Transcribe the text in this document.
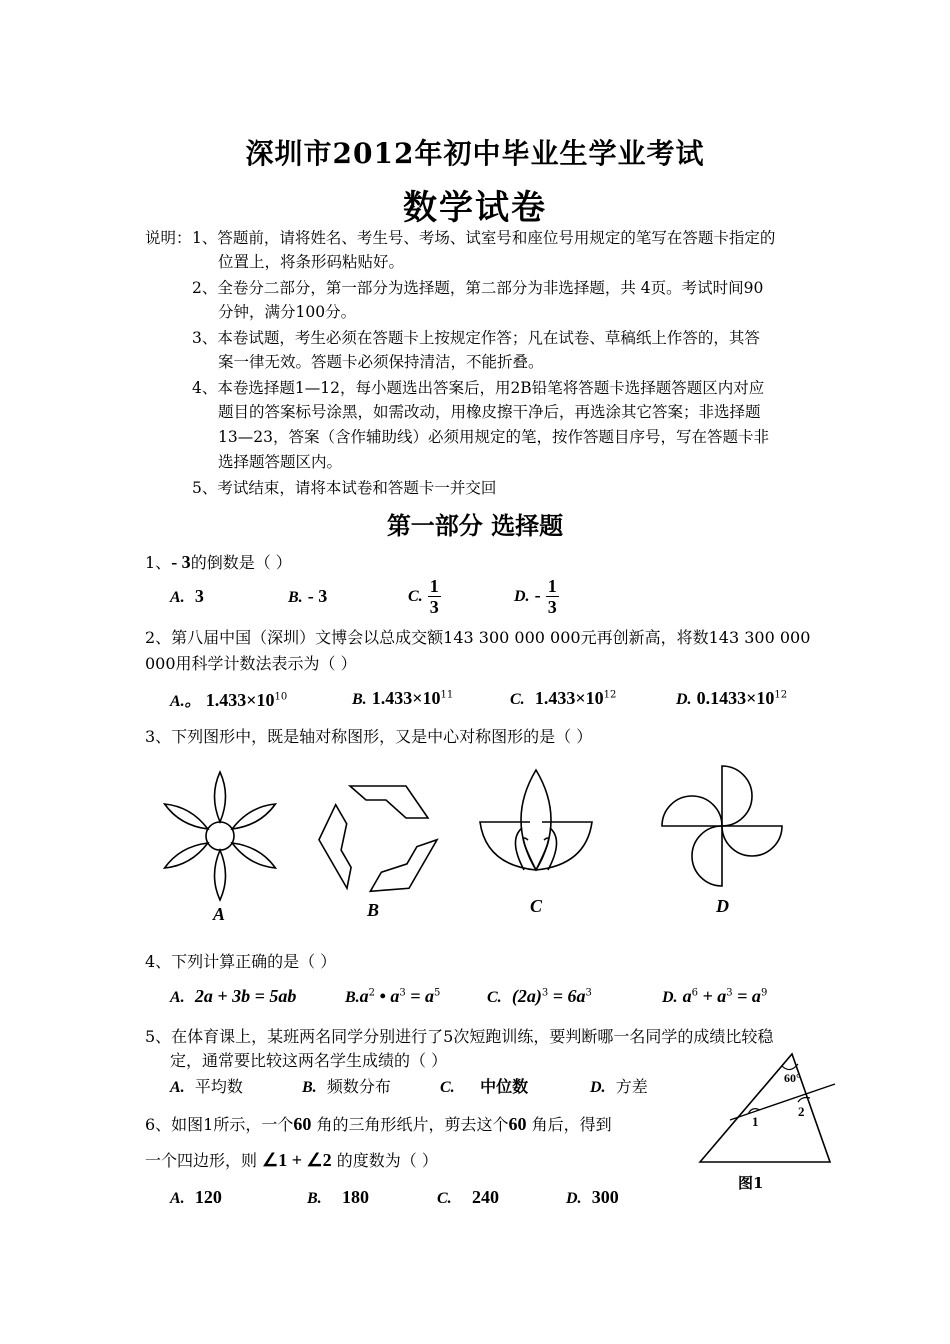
深圳市2012年初中毕业生学业考试
数学试卷
说明： 1、答题前，请将姓名、考生号、考场、试室号和座位号用规定的笔写在答题卡指定的
位置上，将条形码粘贴好。
2、全卷分二部分，第一部分为选择题，第二部分为非选择题，共 4页。考试时间90
分钟，满分100分。
3、本卷试题，考生必须在答题卡上按规定作答；凡在试卷、草稿纸上作答的，其答
案一律无效。答题卡必须保持清洁，不能折叠。
4、本卷选择题1—12，每小题选出答案后，用2B铅笔将答题卡选择题答题区内对应
题目的答案标号涂黑，如需改动，用橡皮擦干净后，再选涂其它答案；非选择题
13—23，答案（含作辅助线）必须用规定的笔，按作答题目序号，写在答题卡非
选择题答题区内。
5、考试结束，请将本试卷和答题卡一并交回
第一部分 选择题
1、- 3的倒数是（ ）
A. 3	B. - 3	C. $\frac{1}{3}$	D. - $\frac{1}{3}$
2、第八届中国（深圳）文博会以总成交额143 300 000 000元再创新高，将数143 300 000
000用科学计数法表示为（ ）
A.。 $1.433\times 10^{10}$	B. $1.433\times 10^{11}$	C. $1.433\times 10^{12}$	D. $0.1433\times 10^{12}$
3、下列图形中，既是轴对称图形，又是中心对称图形的是（ ）
A	B	C	D
4、下列计算正确的是（ ）
A. 2a + 3b = 5ab	$B.a^2$ • $a^3 = a^5$	C. $(2a)^3 = 6a^3$	D. $a^6 + a^3 = a^9$
5、在体育课上，某班两名同学分别进行了5次短跑训练，要判断哪一名同学的成绩比较稳
定，通常要比较这两名学生成绩的（ ）
A. 平均数	B. 频数分布	C. 中位数	D. 方差
6、如图1所示，一个60 角的三角形纸片，剪去这个60 角后，得到
一个四边形，则 ∠1 + ∠2 的度数为（ ）
A. 120	B. 180	C. 240	D. 300
60°
1
2
图1
